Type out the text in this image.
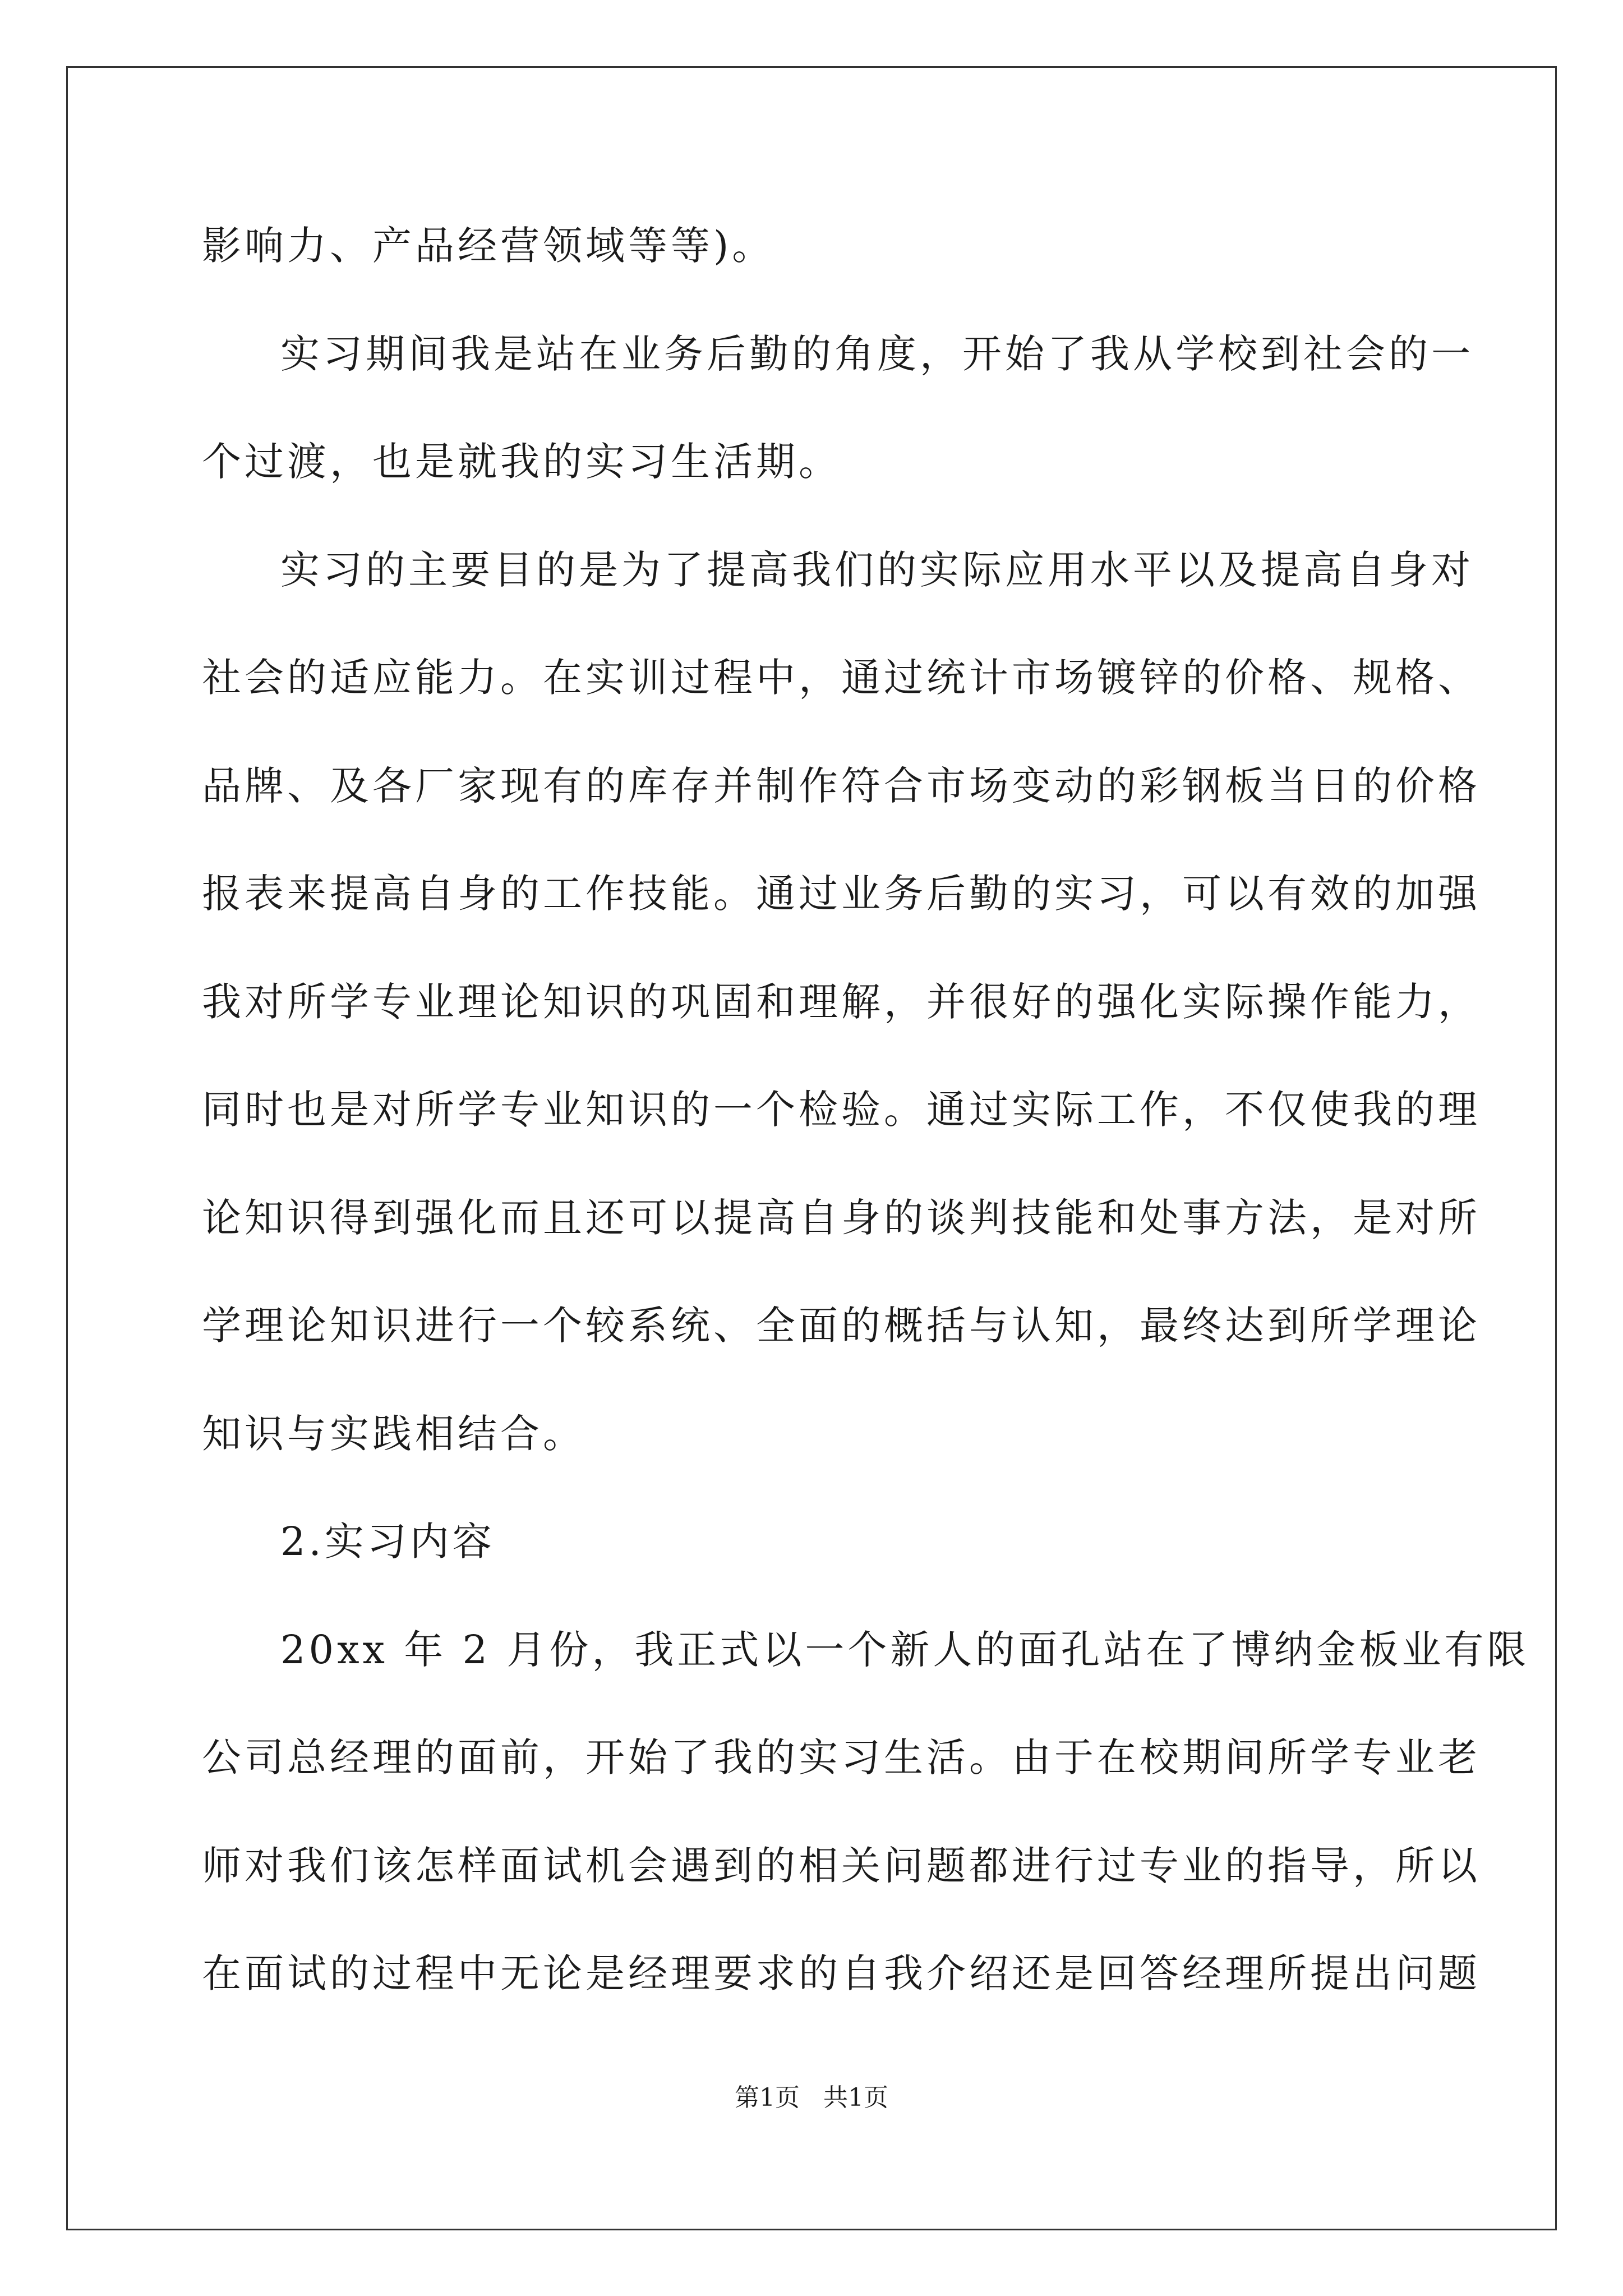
影响力、产品经营领域等等)。
实习期间我是站在业务后勤的角度，开始了我从学校到社会的一
个过渡，也是就我的实习生活期。
实习的主要目的是为了提高我们的实际应用水平以及提高自身对
社会的适应能力。在实训过程中，通过统计市场镀锌的价格、规格、
品牌、及各厂家现有的库存并制作符合市场变动的彩钢板当日的价格
报表来提高自身的工作技能。通过业务后勤的实习，可以有效的加强
我对所学专业理论知识的巩固和理解，并很好的强化实际操作能力，
同时也是对所学专业知识的一个检验。通过实际工作，不仅使我的理
论知识得到强化而且还可以提高自身的谈判技能和处事方法，是对所
学理论知识进行一个较系统、全面的概括与认知，最终达到所学理论
知识与实践相结合。
2.实习内容
20xx 年 2 月份，我正式以一个新人的面孔站在了博纳金板业有限
公司总经理的面前，开始了我的实习生活。由于在校期间所学专业老
师对我们该怎样面试机会遇到的相关问题都进行过专业的指导，所以
在面试的过程中无论是经理要求的自我介绍还是回答经理所提出问题
第1页 共1页
